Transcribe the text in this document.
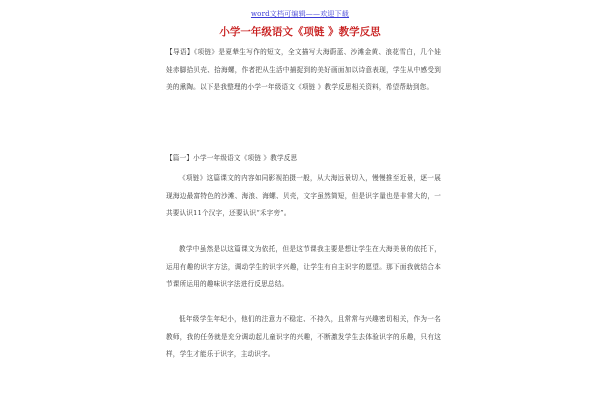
word文档可编辑——欢迎下载
小学一年级语文《项链 》教学反思
【导语】《项链》是夏辇生写作的短文，全文描写大海蔚蓝、沙滩金黄、浪花雪白，几个娃娃赤脚拾贝壳、拾海螺，作者把从生活中捕捉到的美好画面加以诗意表现，学生从中感受到美的熏陶。以下是我整理的小学一年级语文《项链 》教学反思相关资料，希望帮助到您。
【篇一】小学一年级语文《项链 》教学反思
《项链》这篇课文的内容如同影视拍摄一般，从大海远景切入，慢慢推至近景，逐一展现海边最富特色的沙滩、海浪、海螺、贝壳，文字虽然简短，但是识字量也是非常大的，一共要认识11个汉字，还要认识“禾字旁”。
教学中虽然是以这篇课文为依托，但是这节课我主要是想让学生在大海美景的依托下，运用有趣的识字方法，调动学生的识字兴趣，让学生有自主识字的愿望。那下面我就结合本节课所运用的趣味识字法进行反思总结。
低年级学生年纪小，他们的注意力不稳定、不持久，且常常与兴趣密切相关，作为一名教师，我的任务就是充分调动起儿童识字的兴趣，不断激发学生去体验识字的乐趣，只有这样，学生才能乐于识字，主动识字。
